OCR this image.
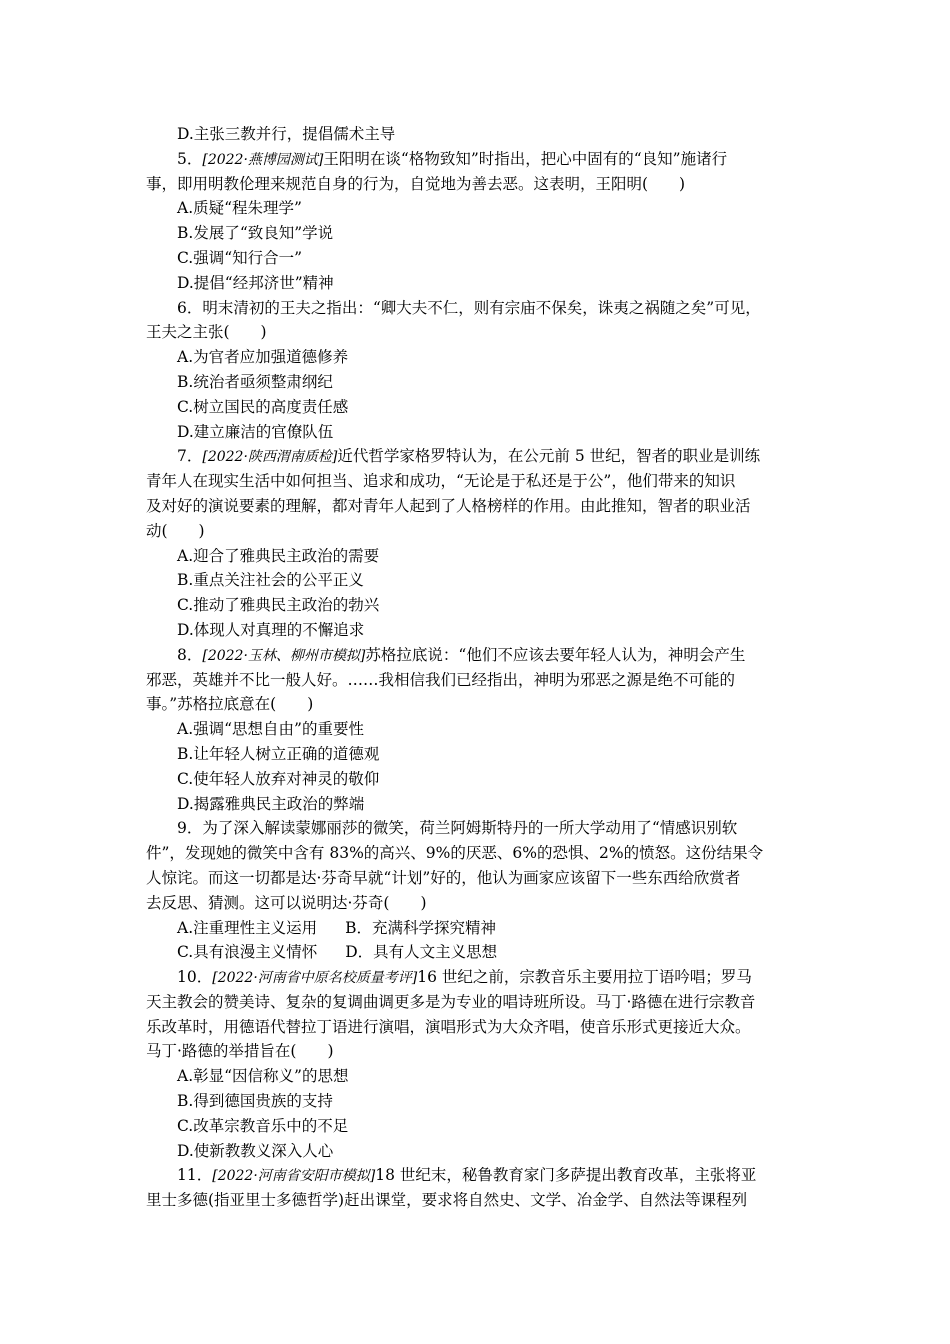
D.主张三教并行，提倡儒术主导
5．[2022·燕博园测试]王阳明在谈“格物致知”时指出，把心中固有的“良知”施诸行
事，即用明教伦理来规范自身的行为，自觉地为善去恶。这表明，王阳明(　　)
A.质疑“程朱理学”
B.发展了“致良知”学说
C.强调“知行合一”
D.提倡“经邦济世”精神
6．明末清初的王夫之指出：“卿大夫不仁，则有宗庙不保矣，诛夷之祸随之矣”可见，
王夫之主张(　　)
A.为官者应加强道德修养
B.统治者亟须整肃纲纪
C.树立国民的高度责任感
D.建立廉洁的官僚队伍
7．[2022·陕西渭南质检]近代哲学家格罗特认为，在公元前 5 世纪，智者的职业是训练
青年人在现实生活中如何担当、追求和成功，“无论是于私还是于公”，他们带来的知识
及对好的演说要素的理解，都对青年人起到了人格榜样的作用。由此推知，智者的职业活
动(　　)
A.迎合了雅典民主政治的需要
B.重点关注社会的公平正义
C.推动了雅典民主政治的勃兴
D.体现人对真理的不懈追求
8．[2022·玉林、柳州市模拟]苏格拉底说：“他们不应该去要年轻人认为，神明会产生
邪恶，英雄并不比一般人好。……我相信我们已经指出，神明为邪恶之源是绝不可能的
事。”苏格拉底意在(　　)
A.强调“思想自由”的重要性
B.让年轻人树立正确的道德观
C.使年轻人放弃对神灵的敬仰
D.揭露雅典民主政治的弊端
9．为了深入解读蒙娜丽莎的微笑，荷兰阿姆斯特丹的一所大学动用了“情感识别软
件”，发现她的微笑中含有 83%的高兴、9%的厌恶、6%的恐惧、2%的愤怒。这份结果令
人惊诧。而这一切都是达·芬奇早就“计划”好的，他认为画家应该留下一些东西给欣赏者
去反思、猜测。这可以说明达·芬奇(　　)
A.注重理性主义运用 B．充满科学探究精神
C.具有浪漫主义情怀 D．具有人文主义思想
10．[2022·河南省中原名校质量考评]16 世纪之前，宗教音乐主要用拉丁语吟唱；罗马
天主教会的赞美诗、复杂的复调曲调更多是为专业的唱诗班所设。马丁·路德在进行宗教音
乐改革时，用德语代替拉丁语进行演唱，演唱形式为大众齐唱，使音乐形式更接近大众。
马丁·路德的举措旨在(　　)
A.彰显“因信称义”的思想
B.得到德国贵族的支持
C.改革宗教音乐中的不足
D.使新教教义深入人心
11．[2022·河南省安阳市模拟]18 世纪末，秘鲁教育家门多萨提出教育改革，主张将亚
里士多德(指亚里士多德哲学)赶出课堂，要求将自然史、文学、冶金学、自然法等课程列
